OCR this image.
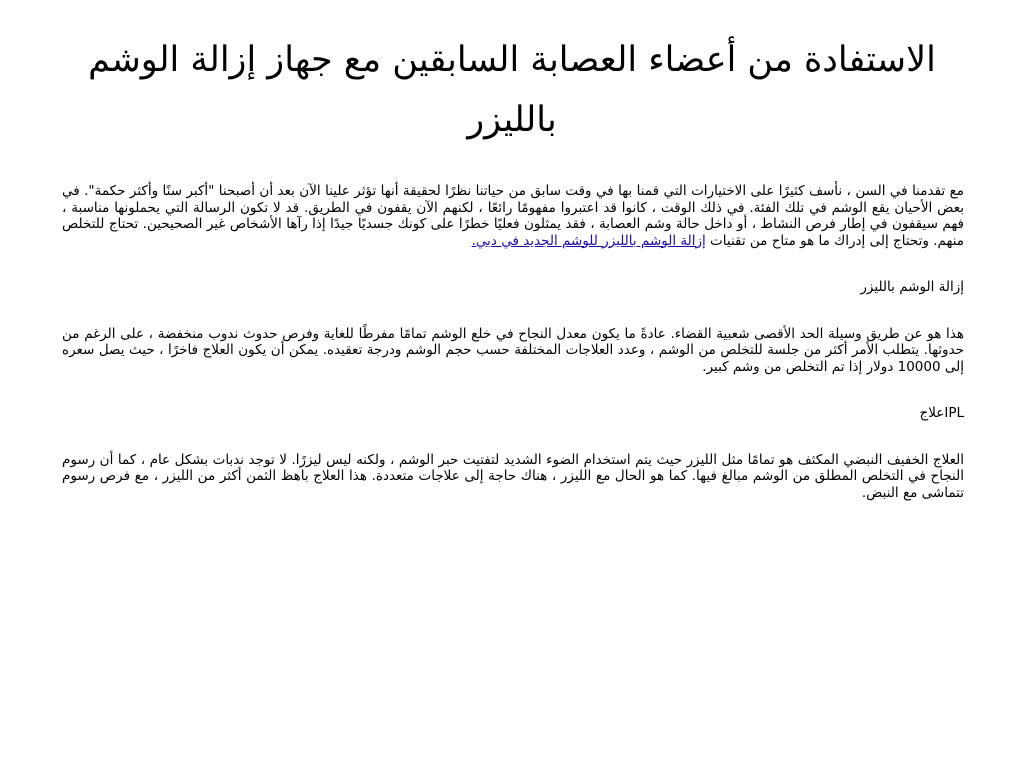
الاستفادة من أعضاء العصابة السابقين مع جهاز إزالة الوشم بالليزر

مع تقدمنا في السن ، نأسف كثيرًا على الاختيارات التي قمنا بها في وقت سابق من حياتنا نظرًا لحقيقة أنها تؤثر علينا الآن بعد أن أصبحنا "أكبر سنًا وأكثر حكمة". في بعض الأحيان يقع الوشم في تلك الفئة. في ذلك الوقت ، كانوا قد اعتبروا مفهومًا رائعًا ، لكنهم الآن يقفون في الطريق. قد لا تكون الرسالة التي يحملونها مناسبة ، فهم سيقفون في إطار فرص النشاط ، أو داخل حالة وشم العصابة ، فقد يمثلون فعليًا خطرًا على كونك جسديًا جيدًا إذا رآها الأشخاص غير الصحيحين. تحتاج للتخلص منهم. وتحتاج إلى إدراك ما هو متاح من تقنيات إزالة الوشم بالليزر للوشم الجديد في دبي.

إزالة الوشم بالليزر

هذا هو عن طريق وسيلة الحد الأقصى شعبية القضاء. عادةً ما يكون معدل النجاح في خلع الوشم تمامًا مفرطًا للغاية وفرص حدوث ندوب منخفضة ، على الرغم من حدوثها. يتطلب الأمر أكثر من جلسة للتخلص من الوشم ، وعدد العلاجات المختلفة حسب حجم الوشم ودرجة تعقيده. يمكن أن يكون العلاج فاخرًا ، حيث يصل سعره إلى 10000 دولار إذا تم التخلص من وشم كبير.

IPLعلاج

العلاج الخفيف النبضي المكثف هو تمامًا مثل الليزر حيث يتم استخدام الضوء الشديد لتفتيت حبر الوشم ، ولكنه ليس ليزرًا. لا توجد ندبات بشكل عام ، كما أن رسوم النجاح في التخلص المطلق من الوشم مبالغ فيها. كما هو الحال مع الليزر ، هناك حاجة إلى علاجات متعددة. هذا العلاج باهظ الثمن أكثر من الليزر ، مع فرص رسوم تتماشى مع النبض.
